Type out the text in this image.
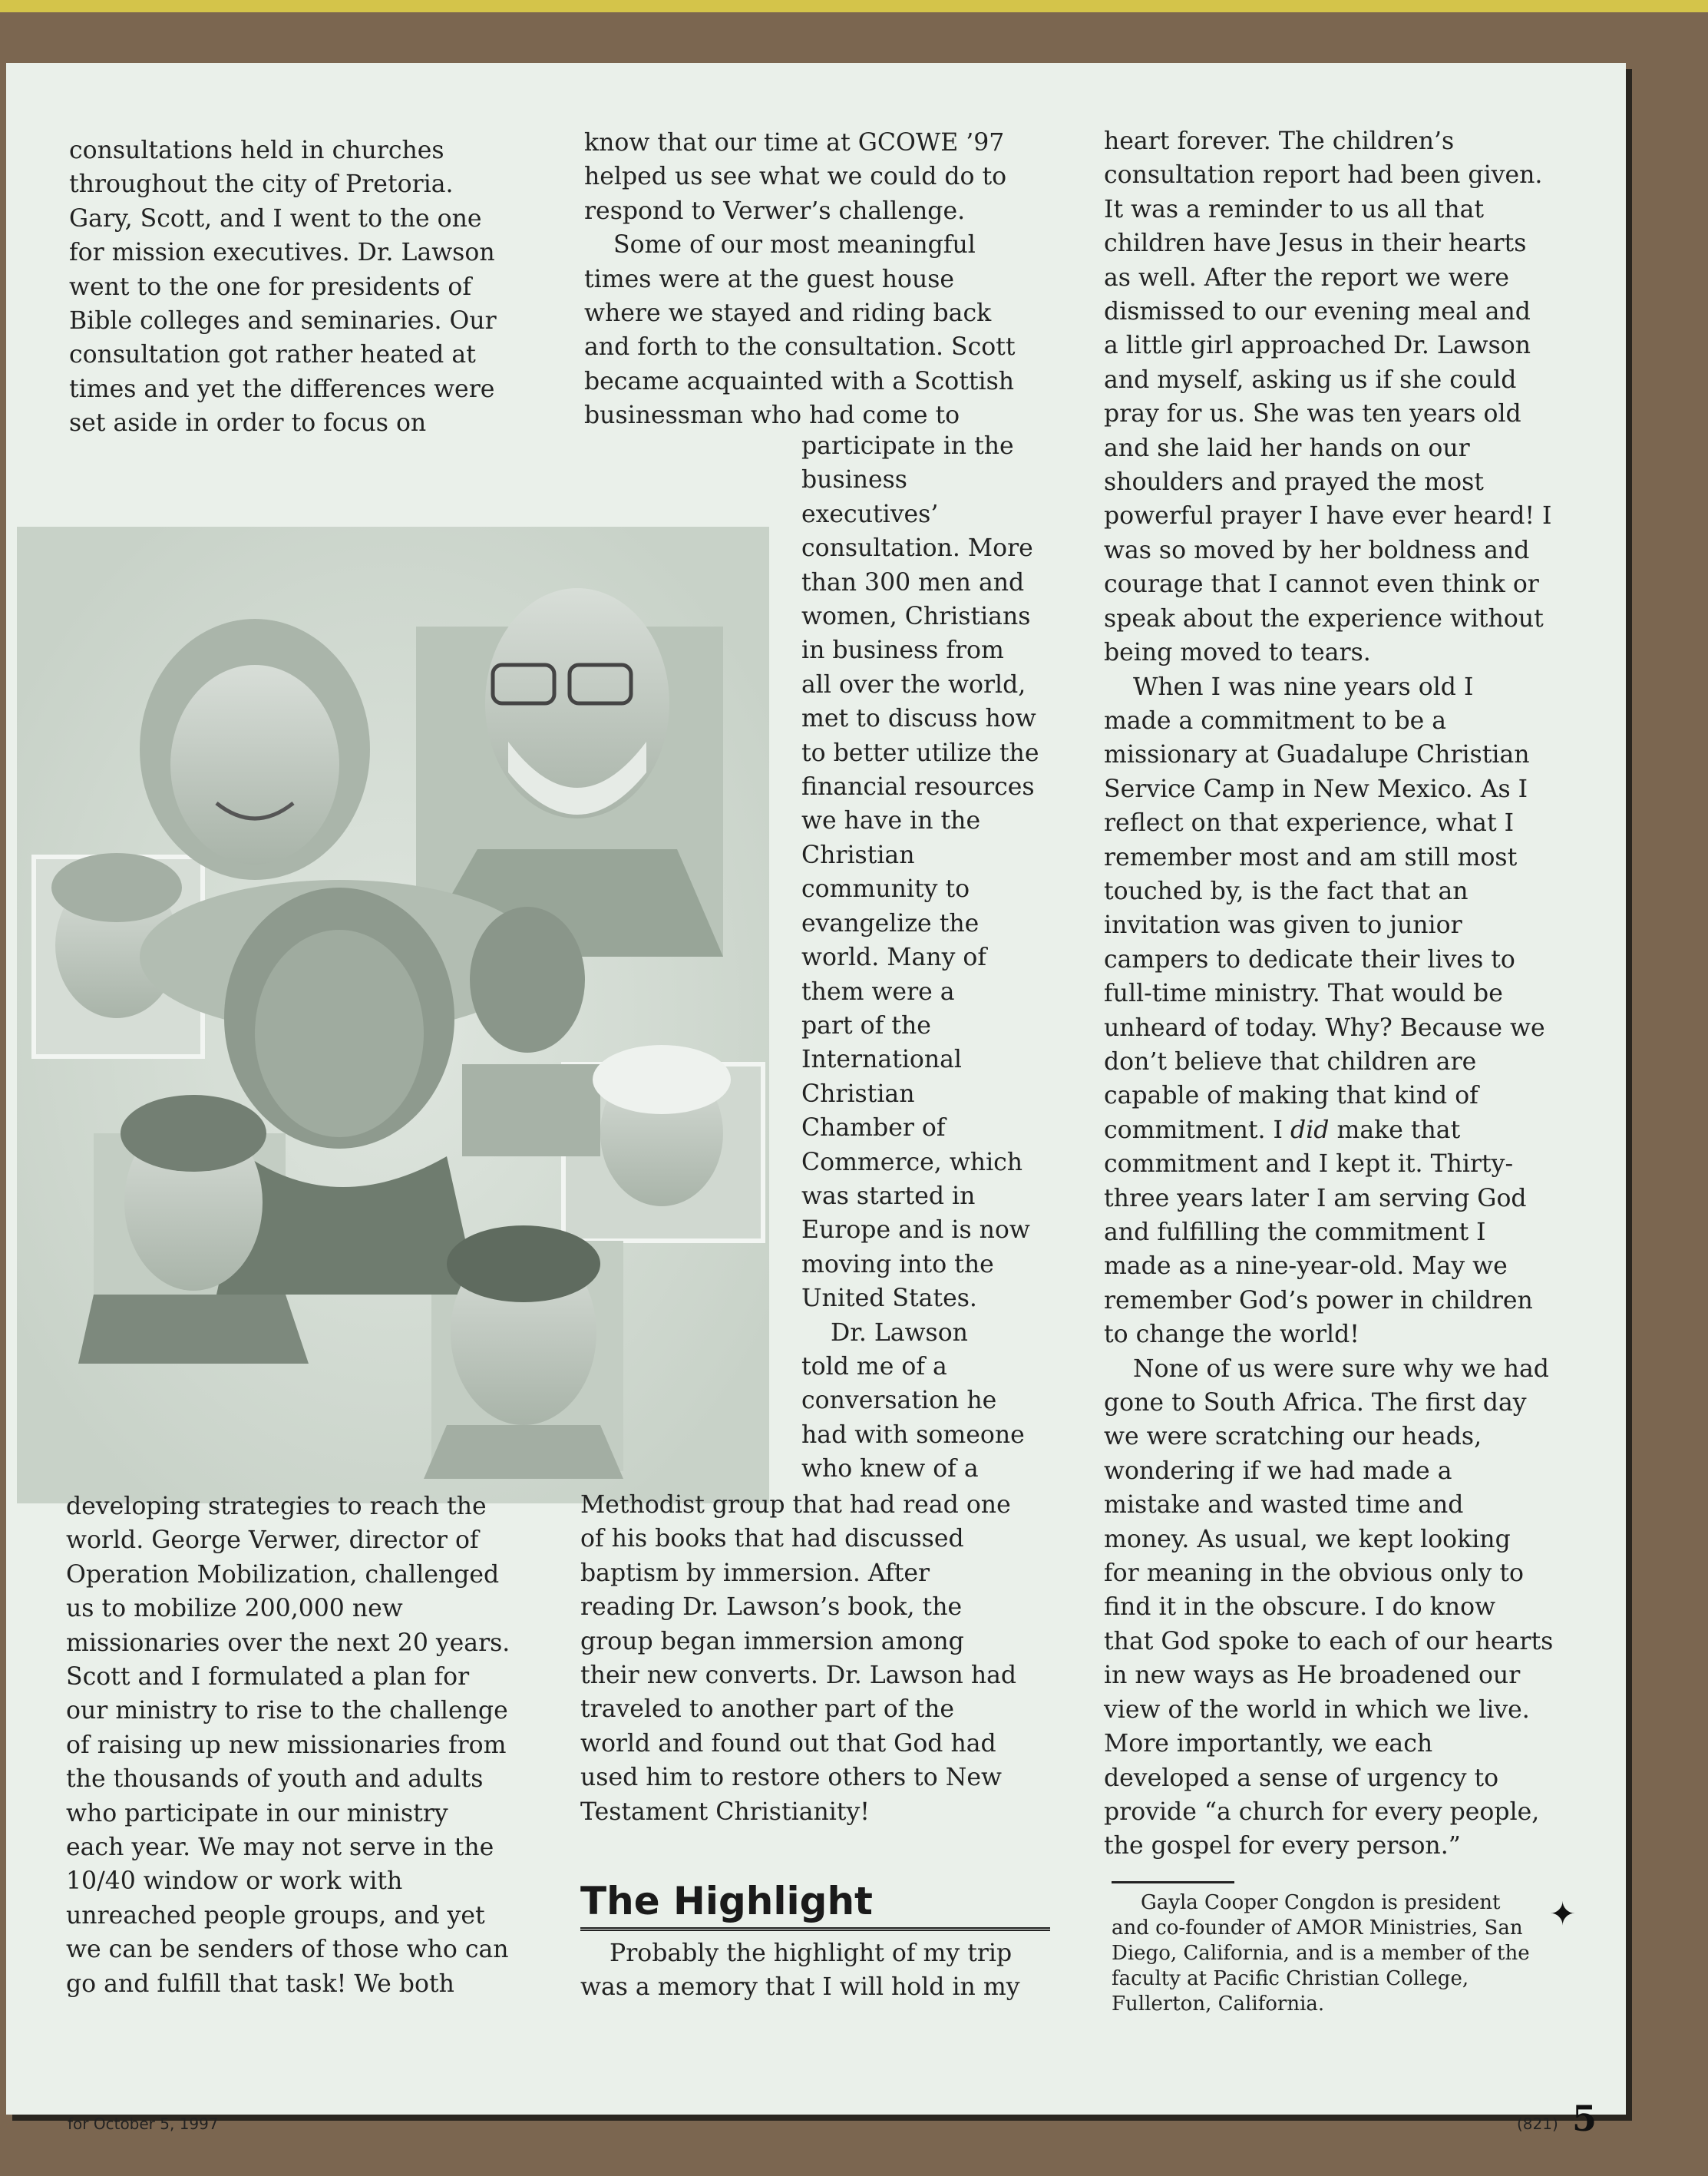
consultations held in churches

throughout the city of Pretoria.

Gary, Scott, and I went to the one

for mission executives. Dr. Lawson

went to the one for presidents of

Bible colleges and seminaries. Our

consultation got rather heated at

times and yet the differences were

set aside in order to focus on

developing strategies to reach the

world. George Verwer, director of

Operation Mobilization, challenged

us to mobilize 200,000 new

missionaries over the next 20 years.

Scott and I formulated a plan for

our ministry to rise to the challenge

of raising up new missionaries from

the thousands of youth and adults

who participate in our ministry

each year. We may not serve in the

10/40 window or work with

unreached people groups, and yet

we can be senders of those who can

go and fulfill that task! We both

know that our time at GCOWE ’97

helped us see what we could do to

respond to Verwer’s challenge.

Some of our most meaningful

times were at the guest house

where we stayed and riding back

and forth to the consultation. Scott

became acquainted with a Scottish

businessman who had come to

participate in the

business

executives’

consultation. More

than 300 men and

women, Christians

in business from

all over the world,

met to discuss how

to better utilize the

financial resources

we have in the

Christian

community to

evangelize the

world. Many of

them were a

part of the

International

Christian

Chamber of

Commerce, which

was started in

Europe and is now

moving into the

United States.

Dr. Lawson

told me of a

conversation he

had with someone

who knew of a

Methodist group that had read one

of his books that had discussed

baptism by immersion. After

reading Dr. Lawson’s book, the

group began immersion among

their new converts. Dr. Lawson had

traveled to another part of the

world and found out that God had

used him to restore others to New

Testament Christianity!

The Highlight

Probably the highlight of my trip

was a memory that I will hold in my

heart forever. The children’s

consultation report had been given.

It was a reminder to us all that

children have Jesus in their hearts

as well. After the report we were

dismissed to our evening meal and

a little girl approached Dr. Lawson

and myself, asking us if she could

pray for us. She was ten years old

and she laid her hands on our

shoulders and prayed the most

powerful prayer I have ever heard! I

was so moved by her boldness and

courage that I cannot even think or

speak about the experience without

being moved to tears.

When I was nine years old I

made a commitment to be a

missionary at Guadalupe Christian

Service Camp in New Mexico. As I

reflect on that experience, what I

remember most and am still most

touched by, is the fact that an

invitation was given to junior

campers to dedicate their lives to

full-time ministry. That would be

unheard of today. Why? Because we

don’t believe that children are

capable of making that kind of

commitment. I did make that

commitment and I kept it. Thirty-

three years later I am serving God

and fulfilling the commitment I

made as a nine-year-old. May we

remember God’s power in children

to change the world!

None of us were sure why we had

gone to South Africa. The first day

we were scratching our heads,

wondering if we had made a

mistake and wasted time and

money. As usual, we kept looking

for meaning in the obvious only to

find it in the obscure. I do know

that God spoke to each of our hearts

in new ways as He broadened our

view of the world in which we live.

More importantly, we each

developed a sense of urgency to

provide “a church for every people,

the gospel for every person.”

✦

Gayla Cooper Congdon is president

and co-founder of AMOR Ministries, San

Diego, California, and is a member of the

faculty at Pacific Christian College,

Fullerton, California.

for October 5, 1997	(821) 5
